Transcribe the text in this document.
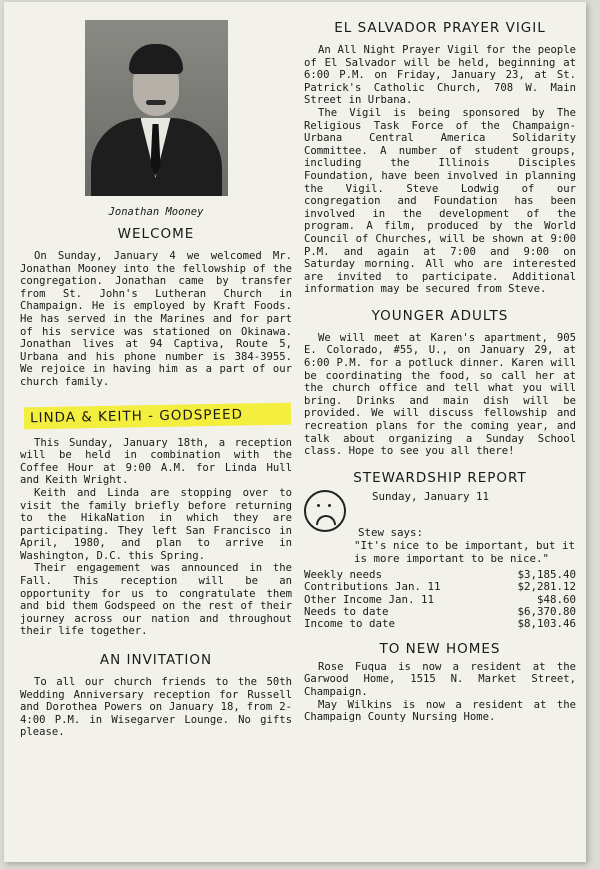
Jonathan Mooney
WELCOME

On Sunday, January 4 we welcomed Mr. Jonathan Mooney into the fellowship of the congregation. Jonathan came by transfer from St. John's Lutheran Church in Champaign. He is employed by Kraft Foods. He has served in the Marines and for part of his service was stationed on Okinawa. Jonathan lives at 94 Captiva, Route 5, Urbana and his phone number is 384-3955. We rejoice in having him as a part of our church family.

LINDA & KEITH - GODSPEED

This Sunday, January 18th, a reception will be held in combination with the Coffee Hour at 9:00 A.M. for Linda Hull and Keith Wright.

Keith and Linda are stopping over to visit the family briefly before returning to the HikaNation in which they are participating. They left San Francisco in April, 1980, and plan to arrive in Washington, D.C. this Spring.

Their engagement was announced in the Fall. This reception will be an opportunity for us to congratulate them and bid them Godspeed on the rest of their journey across our nation and throughout their life together.

AN INVITATION

To all our church friends to the 50th Wedding Anniversary reception for Russell and Dorothea Powers on January 18, from 2-4:00 P.M. in Wisegarver Lounge. No gifts please.

EL SALVADOR PRAYER VIGIL

An All Night Prayer Vigil for the people of El Salvador will be held, beginning at 6:00 P.M. on Friday, January 23, at St. Patrick's Catholic Church, 708 W. Main Street in Urbana.

The Vigil is being sponsored by The Religious Task Force of the Champaign-Urbana Central America Solidarity Committee. A number of student groups, including the Illinois Disciples Foundation, have been involved in planning the Vigil. Steve Lodwig of our congregation and Foundation has been involved in the development of the program. A film, produced by the World Council of Churches, will be shown at 9:00 P.M. and again at 7:00 and 9:00 on Saturday morning. All who are interested are invited to participate. Additional information may be secured from Steve.

YOUNGER ADULTS

We will meet at Karen's apartment, 905 E. Colorado, #55, U., on January 29, at 6:00 P.M. for a potluck dinner. Karen will be coordinating the food, so call her at the church office and tell what you will bring. Drinks and main dish will be provided. We will discuss fellowship and recreation plans for the coming year, and talk about organizing a Sunday School class. Hope to see you all there!

STEWARDSHIP REPORT
Sunday, January 11
Stew says:
"It's nice to be important, but it is more important to be nice."
Weekly needs	$3,185.40
Contributions Jan. 11	$2,281.12
Other Income Jan. 11	$48.60
Needs to date	$6,370.80
Income to date	$8,103.46
TO NEW HOMES

Rose Fuqua is now a resident at the Garwood Home, 1515 N. Market Street, Champaign.

May Wilkins is now a resident at the Champaign County Nursing Home.
